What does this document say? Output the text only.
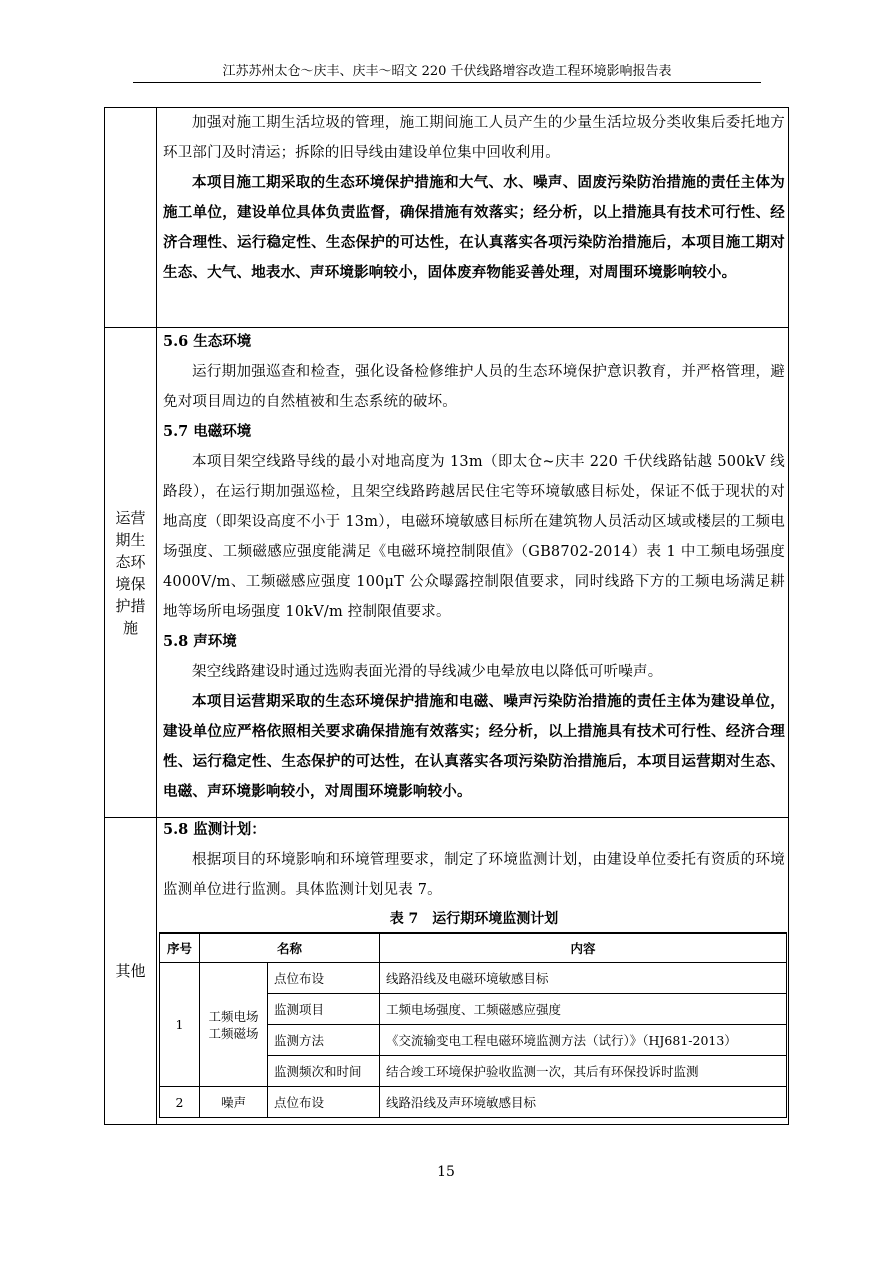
江苏苏州太仓～庆丰、庆丰～昭文 220 千伏线路增容改造工程环境影响报告表

加强对施工期生活垃圾的管理，施工期间施工人员产生的少量生活垃圾分类收集后委托地方环卫部门及时清运；拆除的旧导线由建设单位集中回收利用。

本项目施工期采取的生态环境保护措施和大气、水、噪声、固废污染防治措施的责任主体为施工单位，建设单位具体负责监督，确保措施有效落实；经分析，以上措施具有技术可行性、经济合理性、运行稳定性、生态保护的可达性，在认真落实各项污染防治措施后，本项目施工期对生态、大气、地表水、声环境影响较小，固体废弃物能妥善处理，对周围环境影响较小。

运营期生态环境保护措施

5.6 生态环境

运行期加强巡查和检查，强化设备检修维护人员的生态环境保护意识教育，并严格管理，避免对项目周边的自然植被和生态系统的破坏。

5.7 电磁环境

本项目架空线路导线的最小对地高度为 13m（即太仓~庆丰 220 千伏线路钻越 500kV 线路段），在运行期加强巡检，且架空线路跨越居民住宅等环境敏感目标处，保证不低于现状的对地高度（即架设高度不小于 13m），电磁环境敏感目标所在建筑物人员活动区域或楼层的工频电场强度、工频磁感应强度能满足《电磁环境控制限值》（GB8702-2014）表 1 中工频电场强度 4000V/m、工频磁感应强度 100μT 公众曝露控制限值要求，同时线路下方的工频电场满足耕地等场所电场强度 10kV/m 控制限值要求。

5.8 声环境

架空线路建设时通过选购表面光滑的导线减少电晕放电以降低可听噪声。

本项目运营期采取的生态环境保护措施和电磁、噪声污染防治措施的责任主体为建设单位，建设单位应严格依照相关要求确保措施有效落实；经分析，以上措施具有技术可行性、经济合理性、运行稳定性、生态保护的可达性，在认真落实各项污染防治措施后，本项目运营期对生态、电磁、声环境影响较小，对周围环境影响较小。

其他

5.8 监测计划：

根据项目的环境影响和环境管理要求，制定了环境监测计划，由建设单位委托有资质的环境监测单位进行监测。具体监测计划见表 7。

表 7　运行期环境监测计划
序号	名称		内容
1	工频电场工频磁场	点位布设	线路沿线及电磁环境敏感目标
		监测项目	工频电场强度、工频磁感应强度
		监测方法	《交流输变电工程电磁环境监测方法（试行）》（HJ681-2013）
		监测频次和时间	结合竣工环境保护验收监测一次，其后有环保投诉时监测
2	噪声	点位布设	线路沿线及声环境敏感目标
15
